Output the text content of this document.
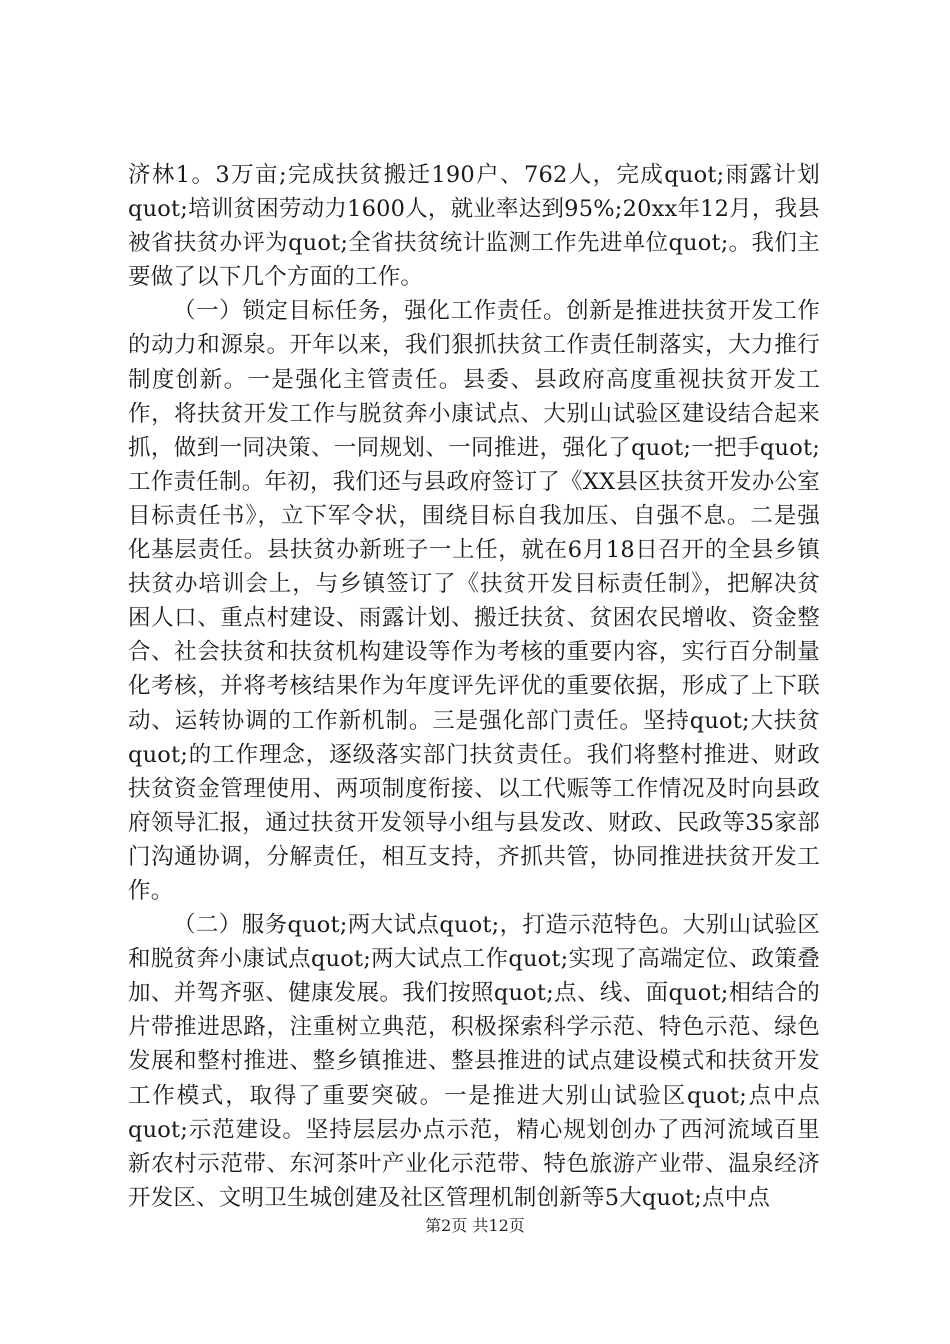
济林1。3万亩;完成扶贫搬迁190户、762人，完成quot;雨露计划quot;培训贫困劳动力1600人，就业率达到95%;20xx年12月，我县被省扶贫办评为quot;全省扶贫统计监测工作先进单位quot;。我们主要做了以下几个方面的工作。

（一）锁定目标任务，强化工作责任。创新是推进扶贫开发工作的动力和源泉。开年以来，我们狠抓扶贫工作责任制落实，大力推行制度创新。一是强化主管责任。县委、县政府高度重视扶贫开发工作，将扶贫开发工作与脱贫奔小康试点、大别山试验区建设结合起来抓，做到一同决策、一同规划、一同推进，强化了quot;一把手quot;工作责任制。年初，我们还与县政府签订了《XX县区扶贫开发办公室目标责任书》，立下军令状，围绕目标自我加压、自强不息。二是强化基层责任。县扶贫办新班子一上任，就在6月18日召开的全县乡镇扶贫办培训会上，与乡镇签订了《扶贫开发目标责任制》，把解决贫困人口、重点村建设、雨露计划、搬迁扶贫、贫困农民增收、资金整合、社会扶贫和扶贫机构建设等作为考核的重要内容，实行百分制量化考核，并将考核结果作为年度评先评优的重要依据，形成了上下联动、运转协调的工作新机制。三是强化部门责任。坚持quot;大扶贫quot;的工作理念，逐级落实部门扶贫责任。我们将整村推进、财政扶贫资金管理使用、两项制度衔接、以工代赈等工作情况及时向县政府领导汇报，通过扶贫开发领导小组与县发改、财政、民政等35家部门沟通协调，分解责任，相互支持，齐抓共管，协同推进扶贫开发工作。

（二）服务quot;两大试点quot;，打造示范特色。大别山试验区和脱贫奔小康试点quot;两大试点工作quot;实现了高端定位、政策叠加、并驾齐驱、健康发展。我们按照quot;点、线、面quot;相结合的片带推进思路，注重树立典范，积极探索科学示范、特色示范、绿色发展和整村推进、整乡镇推进、整县推进的试点建设模式和扶贫开发工作模式，取得了重要突破。一是推进大别山试验区quot;点中点quot;示范建设。坚持层层办点示范，精心规划创办了西河流域百里新农村示范带、东河茶叶产业化示范带、特色旅游产业带、温泉经济开发区、文明卫生城创建及社区管理机制创新等5大quot;点中点

第2页 共12页
